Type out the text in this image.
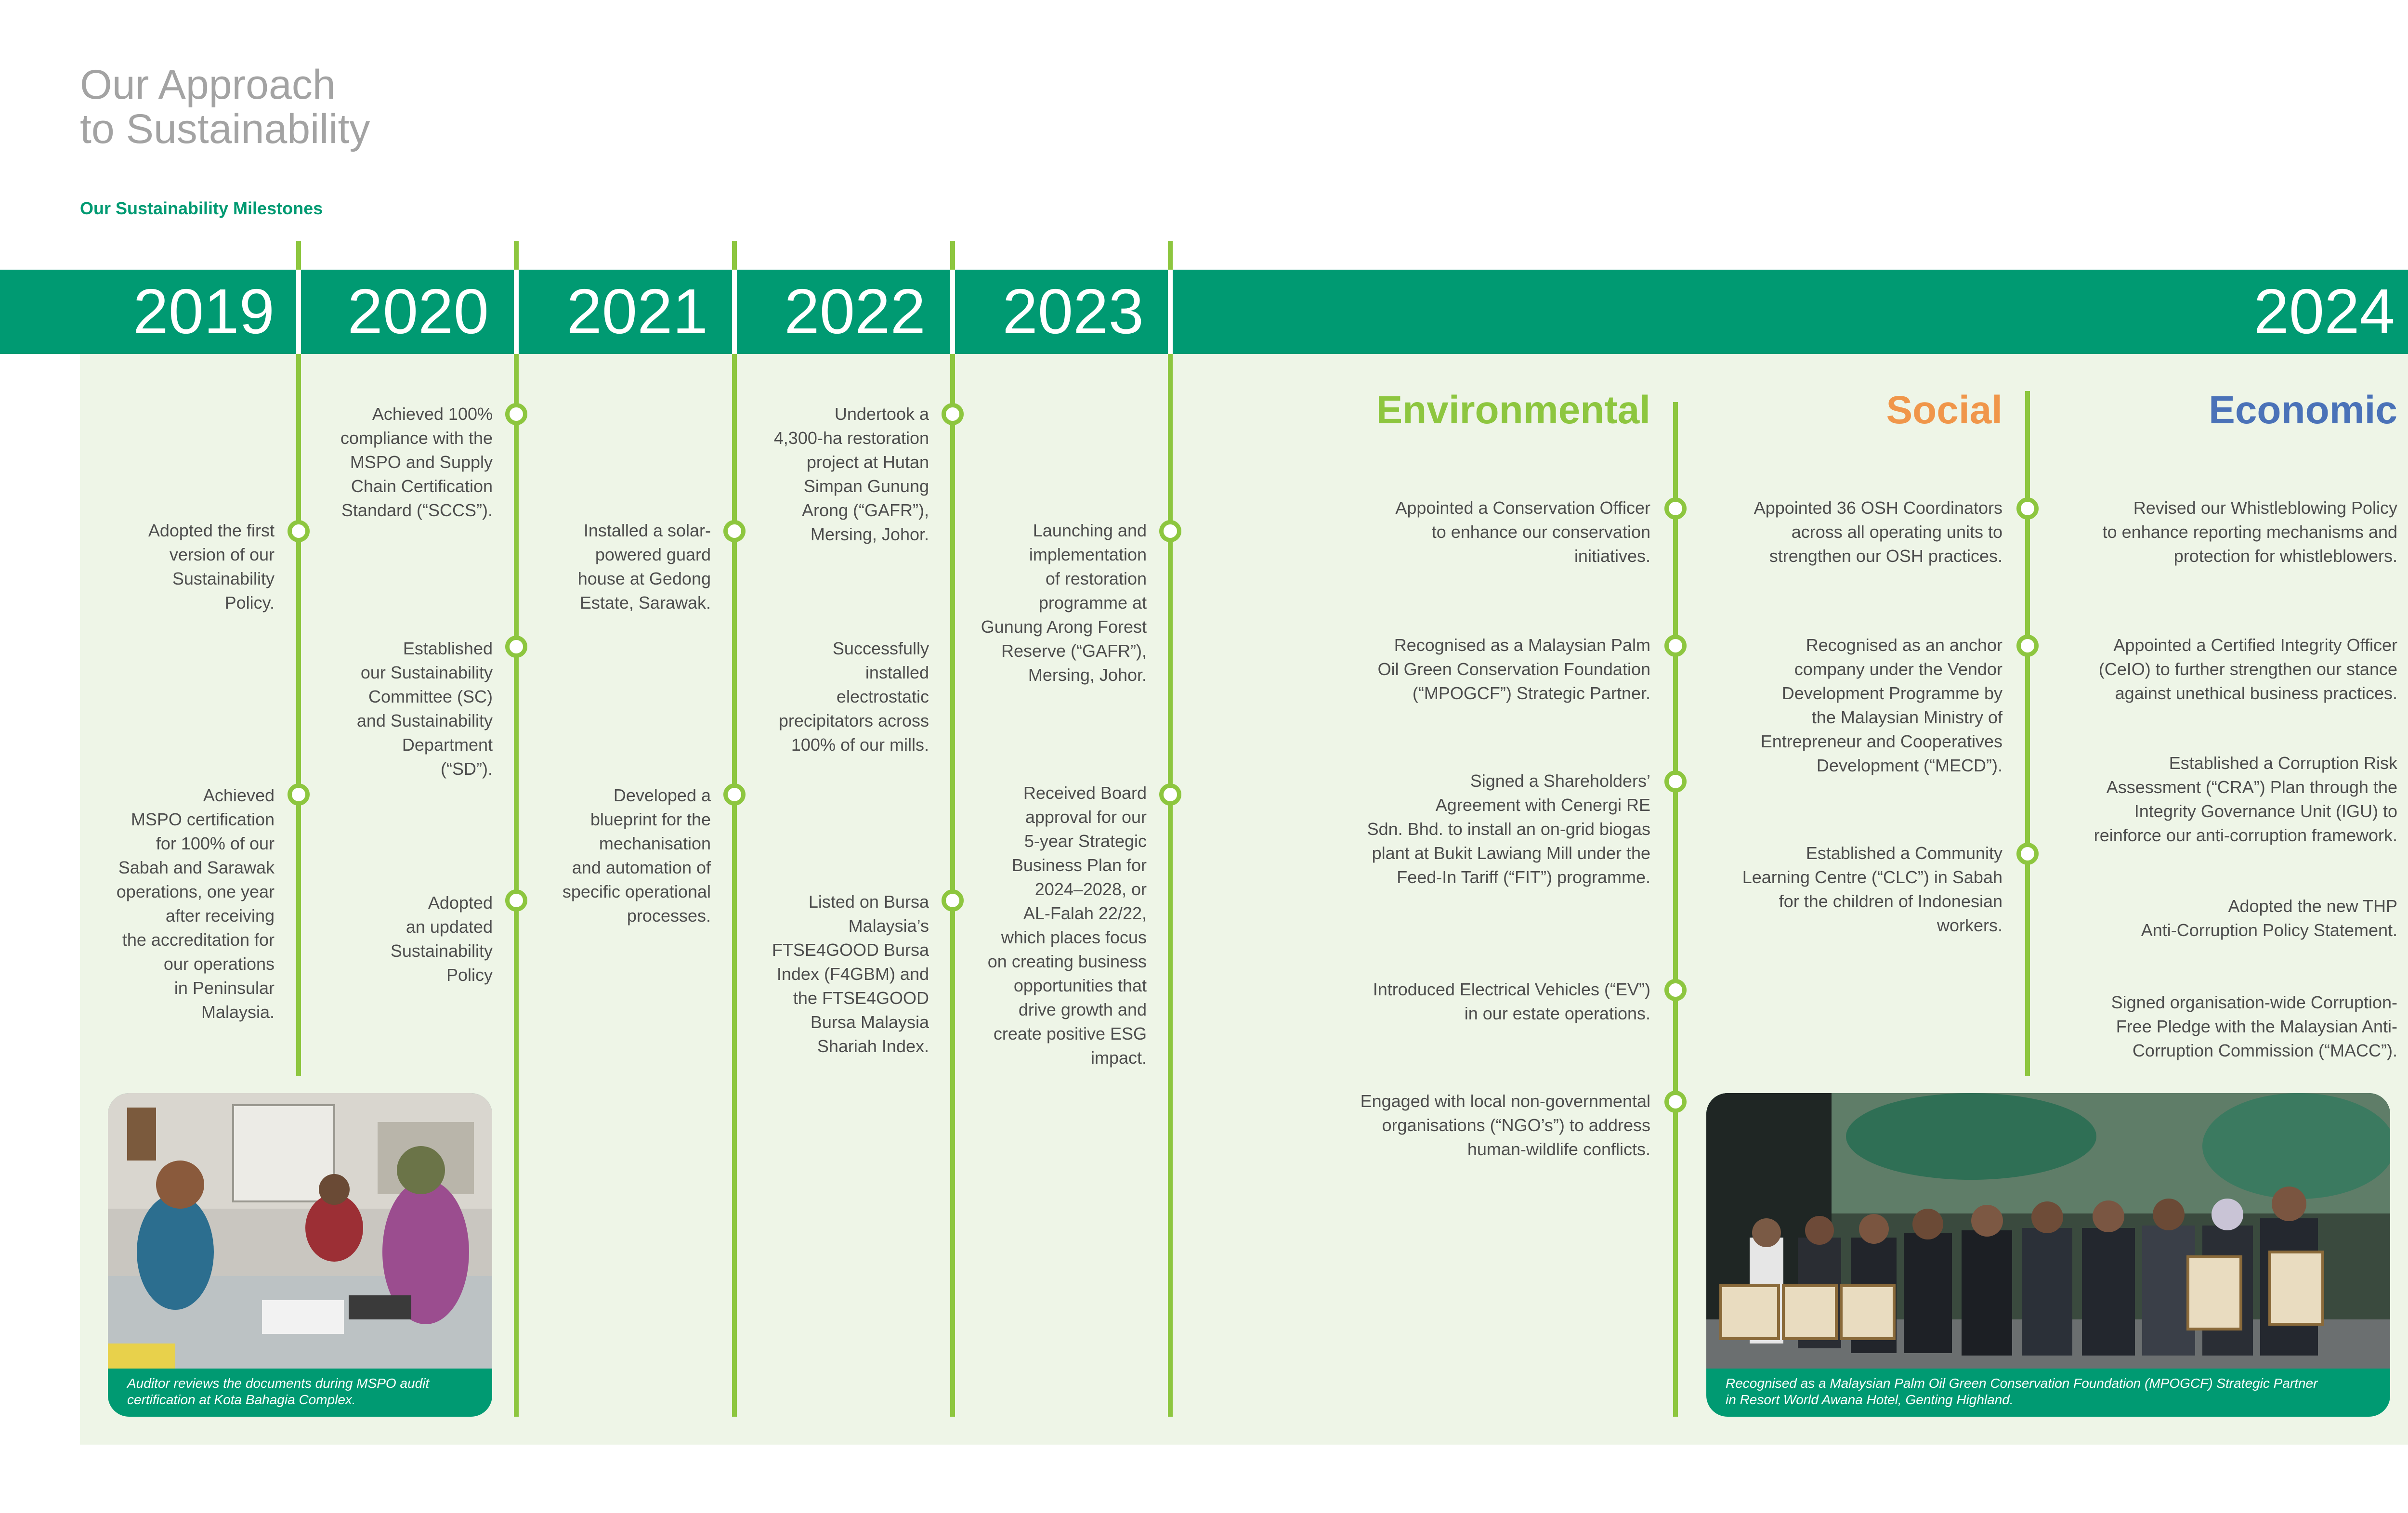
Our Approach
to Sustainability
Our Sustainability Milestones
2019	2020	2021	2022	2023	2024
Adopted the first
version of our
Sustainability
Policy.
Achieved
MSPO certification
for 100% of our
Sabah and Sarawak
operations, one year
after receiving
the accreditation for
our operations
in Peninsular
Malaysia.
Achieved 100%
compliance with the
MSPO and Supply
Chain Certification
Standard (“SCCS”).
Established
our Sustainability
Committee (SC)
and Sustainability
Department
(“SD”).
Adopted
an updated
Sustainability
Policy
Installed a solar-
powered guard
house at Gedong
Estate, Sarawak.
Developed a
blueprint for the
mechanisation
and automation of
specific operational
processes.
Undertook a
4,300-ha restoration
project at Hutan
Simpan Gunung
Arong (“GAFR”),
Mersing, Johor.
Successfully
installed
electrostatic
precipitators across
100% of our mills.
Listed on Bursa
Malaysia’s
FTSE4GOOD Bursa
Index (F4GBM) and
the FTSE4GOOD
Bursa Malaysia
Shariah Index.
Launching and
implementation
of restoration
programme at
Gunung Arong Forest
Reserve (“GAFR”),
Mersing, Johor.
Received Board
approval for our
5-year Strategic
Business Plan for
2024–2028, or
AL-Falah 22/22,
which places focus
on creating business
opportunities that
drive growth and
create positive ESG
impact.
Environmental	Social	Economic
Appointed a Conservation Officer
to enhance our conservation
initiatives.
Recognised as a Malaysian Palm
Oil Green Conservation Foundation
(“MPOGCF”) Strategic Partner.
Signed a Shareholders’
Agreement with Cenergi RE
Sdn. Bhd. to install an on-grid biogas
plant at Bukit Lawiang Mill under the
Feed-In Tariff (“FIT”) programme.
Introduced Electrical Vehicles (“EV”)
in our estate operations.
Engaged with local non-governmental
organisations (“NGO’s”) to address
human-wildlife conflicts.
Appointed 36 OSH Coordinators
across all operating units to
strengthen our OSH practices.
Recognised as an anchor
company under the Vendor
Development Programme by
the Malaysian Ministry of
Entrepreneur and Cooperatives
Development (“MECD”).
Established a Community
Learning Centre (“CLC”) in Sabah
for the children of Indonesian
workers.
Revised our Whistleblowing Policy
to enhance reporting mechanisms and
protection for whistleblowers.
Appointed a Certified Integrity Officer
(CeIO) to further strengthen our stance
against unethical business practices.
Established a Corruption Risk
Assessment (“CRA”) Plan through the
Integrity Governance Unit (IGU) to
reinforce our anti-corruption framework.
Adopted the new THP
Anti-Corruption Policy Statement.
Signed organisation-wide Corruption-
Free Pledge with the Malaysian Anti-
Corruption Commission (“MACC”).
Auditor reviews the documents during MSPO audit
certification at Kota Bahagia Complex.
Recognised as a Malaysian Palm Oil Green Conservation Foundation (MPOGCF) Strategic Partner
in Resort World Awana Hotel, Genting Highland.
